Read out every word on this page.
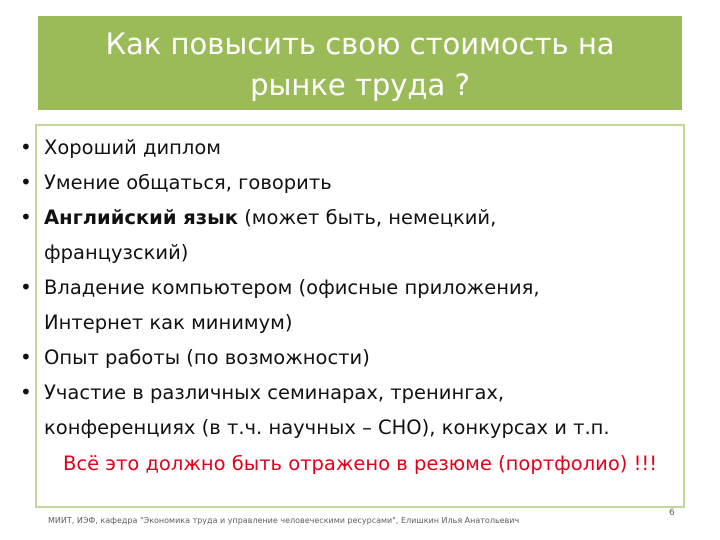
Как повысить свою стоимость на
рынке труда ?
• Хороший диплом
• Умение общаться, говорить
• Английский язык (может быть, немецкий,
французский)
• Владение компьютером (офисные приложения,
Интернет как минимум)
• Опыт работы (по возможности)
• Участие в различных семинарах, тренингах,
конференциях (в т.ч. научных – СНО), конкурсах и т.п.
Всё это должно быть отражено в резюме (портфолио) !!!
МИИТ, ИЭФ, кафедра "Экономика труда и управление человеческими ресурсами", Елишкин Илья Анатольевич
6
